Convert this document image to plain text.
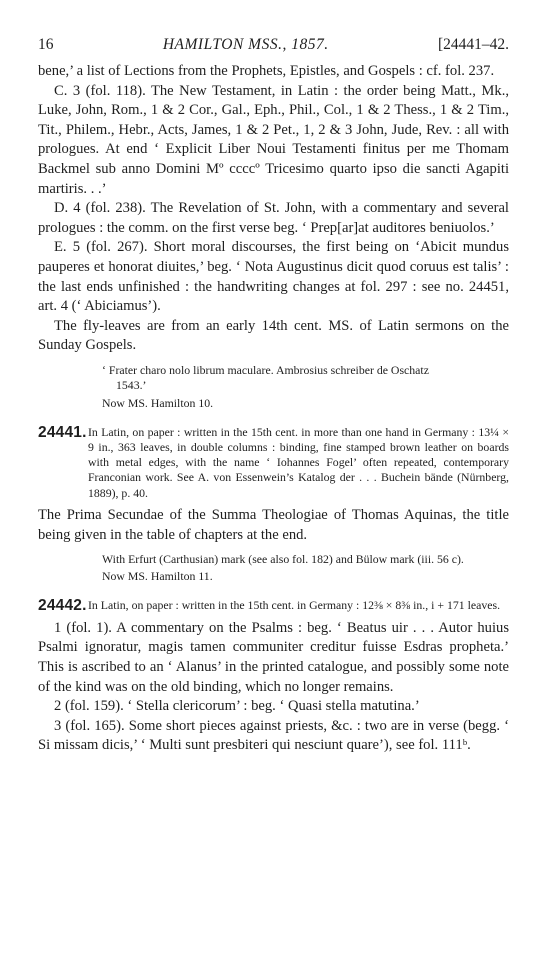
16	HAMILTON MSS., 1857.	[24441–42.

bene,’ a list of Lections from the Prophets, Epistles, and Gospels : cf. fol. 237.

C. 3 (fol. 118). The New Testament, in Latin : the order being Matt., Mk., Luke, John, Rom., 1 & 2 Cor., Gal., Eph., Phil., Col., 1 & 2 Thess., 1 & 2 Tim., Tit., Philem., Hebr., Acts, James, 1 & 2 Pet., 1, 2 & 3 John, Jude, Rev. : all with prologues. At end ‘ Explicit Liber Noui Testamenti finitus per me Thomam Backmel sub anno Domini Mº ccccº Tricesimo quarto ipso die sancti Agapiti martiris. . .’

D. 4 (fol. 238). The Revelation of St. John, with a commentary and several prologues : the comm. on the first verse beg. ‘ Prep[ar]at auditores beniuolos.’

E. 5 (fol. 267). Short moral discourses, the first being on ‘Abicit mundus pauperes et honorat diuites,’ beg. ‘ Nota Augustinus dicit quod coruus est talis’ : the last ends unfinished : the handwriting changes at fol. 297 : see no. 24451, art. 4 (‘ Abiciamus’).

The fly-leaves are from an early 14th cent. MS. of Latin sermons on the Sunday Gospels.

‘ Frater charo nolo librum maculare. Ambrosius schreiber de Oschatz

1543.’

Now MS. Hamilton 10.
24441. In Latin, on paper : written in the 15th cent. in more than one hand in Germany : 13¼ × 9 in., 363 leaves, in double columns : binding, fine stamped brown leather on boards with metal edges, with the name ‘ Iohannes Fogel’ often repeated, contemporary Franconian work. See A. von Essenwein’s Katalog der . . . Buchein bände (Nürnberg, 1889), p. 40.

The Prima Secundae of the Summa Theologiae of Thomas Aquinas, the title being given in the table of chapters at the end.

With Erfurt (Carthusian) mark (see also fol. 182) and Bülow mark (iii. 56 c).

Now MS. Hamilton 11.
24442. In Latin, on paper : written in the 15th cent. in Germany : 12⅜ × 8⅜ in., i + 171 leaves.

1 (fol. 1). A commentary on the Psalms : beg. ‘ Beatus uir . . . Autor huius Psalmi ignoratur, magis tamen communiter creditur fuisse Esdras propheta.’ This is ascribed to an ‘ Alanus’ in the printed catalogue, and possibly some note of the kind was on the old binding, which no longer remains.

2 (fol. 159). ‘ Stella clericorum’ : beg. ‘ Quasi stella matutina.’

3 (fol. 165). Some short pieces against priests, &c. : two are in verse (begg. ‘ Si missam dicis,’ ‘ Multi sunt presbiteri qui nesciunt quare’), see fol. 111ᵇ.
